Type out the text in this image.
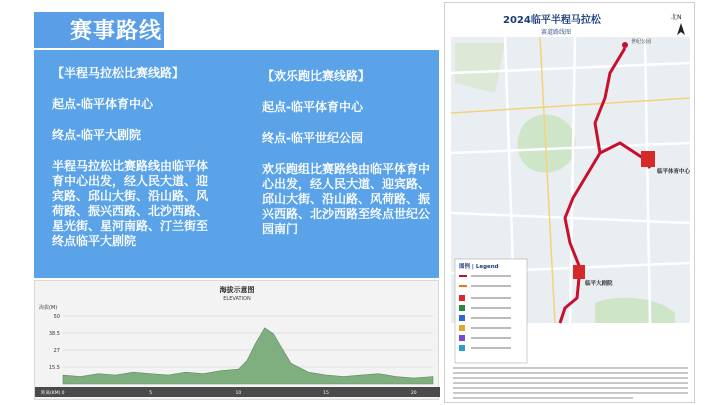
赛事路线
【半程马拉松比赛线路】
起点-临平体育中心
终点-临平大剧院
半程马拉松比赛路线由临平体育中心出发，经人民大道、迎宾路、邱山大街、沿山路、风荷路、振兴西路、北沙西路、星光街、星河南路、汀兰街至终点临平大剧院
【欢乐跑比赛线路】
起点-临平体育中心
终点-临平世纪公园
欢乐跑组比赛路线由临平体育中心出发，经人民大道、迎宾路、邱山大街、沿山路、风荷路、振兴西路、北沙西路至终点世纪公园南门
海拔示意图
ELEVATION
海拔(M)
距离(KM)
50
38.5
27
15.5
0	5	10	15	20
临平体育中心
临平大剧院
世纪公园
2024临平半程马拉松
赛道路线图
北N
图例 | Legend
